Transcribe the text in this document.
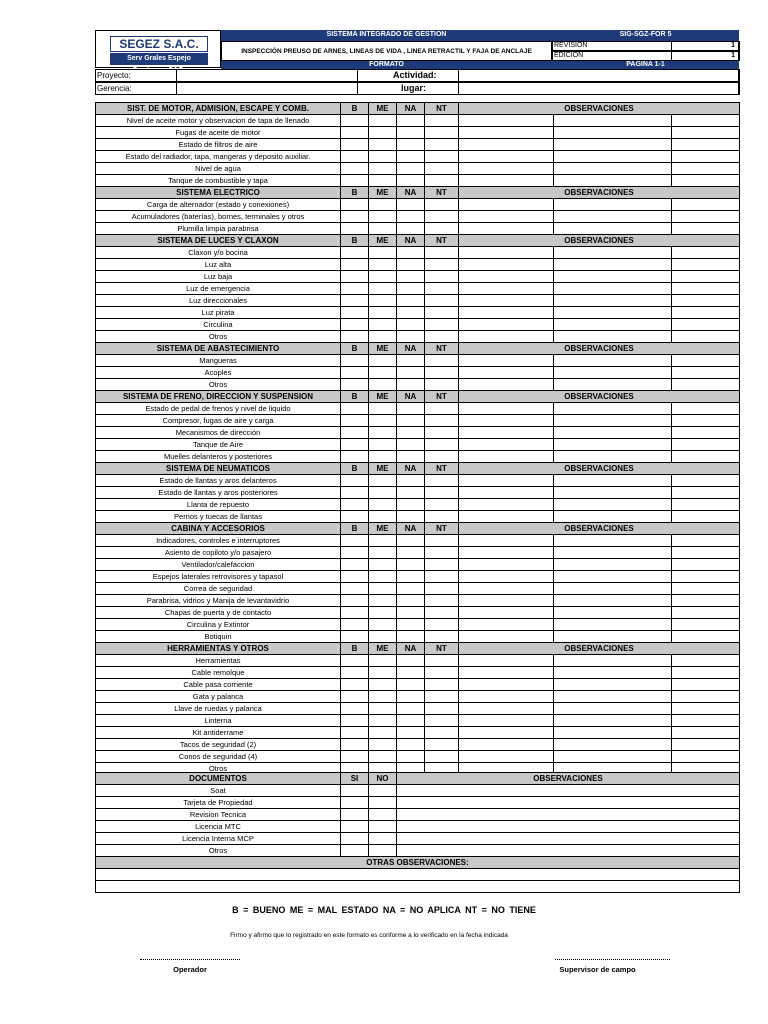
SEGEZ S.A.C.
Serv Grales Espejo Zambrano SAC.
SISTEMA INTEGRADO DE GESTION	SIG-SGZ-FOR 5
INSPECCIÓN PREUSO DE ARNES, LINEAS DE VIDA , LINEA RETRACTIL Y FAJA DE ANCLAJE
REVISION	1
EDICION	1
FORMATO	PAGINA 1-1
Proyecto:	Actividad:
Gerencia:	lugar:
SIST. DE MOTOR, ADMISION, ESCAPE Y COMB.	B	ME	NA	NT	OBSERVACIONES		
Nivel de aceite motor y observacion de tapa de llenado							
Fugas de aceite de motor							
Estado de filtros de aire							
Estado del radiador, tapa, mangeras y deposito auxiliar.							
Nivel de agua							
Tanque de combustible y tapa							
SISTEMA ELECTRICO	B	ME	NA	NT	OBSERVACIONES		
Carga de alternador (estado y conexiones)							
Acumuladores (baterías), bornes, terminales y otros							
Plumilla limpia parabrisa							
SISTEMA DE LUCES Y CLAXON	B	ME	NA	NT	OBSERVACIONES		
Claxon y/o bocina							
Luz alta							
Luz baja							
Luz de emergencia							
Luz direccionales							
Luz pirata							
Circulina							
Otros							
SISTEMA DE ABASTECIMIENTO	B	ME	NA	NT	OBSERVACIONES		
Mangueras							
Acoples							
Otros							
SISTEMA DE FRENO, DIRECCION Y SUSPENSION	B	ME	NA	NT	OBSERVACIONES		
Estado de pedal de frenos y nivel de liquido							
Compresor, fugas de aire y carga							
Mecanismos de dirección							
Tanque de Aire							
Muelles delanteros y posteriores							
SISTEMA DE NEUMATICOS	B	ME	NA	NT	OBSERVACIONES		
Estado de llantas y aros delanteros							
Estado de llantas y aros posteriores							
Llanta de repuesto							
Pernos y tuecas de llantas							
CABINA Y ACCESORIOS	B	ME	NA	NT	OBSERVACIONES		
Indicadores, controles e interruptores							
Asiento de copiloto y/o pasajero							
Ventilador/calefaccion							
Espejos laterales retrovisores y tapasol							
Correa de seguridad							
Parabrisa, vidrios y Manija de levantavidrio							
Chapas de puerta y de contacto							
Circulina y Extintor							
Botiquin							
HERRAMIENTAS Y OTROS	B	ME	NA	NT	OBSERVACIONES		
Herramientas							
Cable remolque							
Cable pasa corriente							
Gata y palanca							
Llave de ruedas y palanca							
Linterna							
Kit antiderrame							
Tacos de seguridad (2)							
Conos de seguridad (4)							
Otros							
DOCUMENTOS	SI	NO	OBSERVACIONES
Soat			
Tarjeta de Propiedad			
Revision Tecnica			
Licencia MTC			
Licencia Interna MCP			
Otros			
OTRAS OBSERVACIONES:			

B = BUENO ME = MAL ESTADO NA = NO APLICA NT = NO TIENE
Firmo y afirmo que lo registrado en este formato es conforme a lo verificado en la fecha indicada
Operador	Supervisor de campo
